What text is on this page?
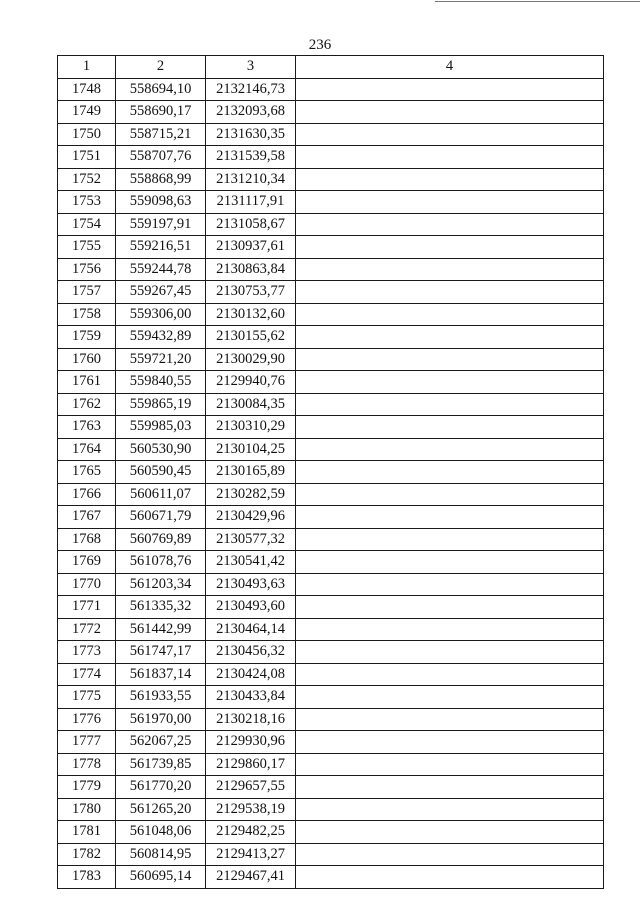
236
1	2	3	4
1748	558694,10	2132146,73	
1749	558690,17	2132093,68	
1750	558715,21	2131630,35	
1751	558707,76	2131539,58	
1752	558868,99	2131210,34	
1753	559098,63	2131117,91	
1754	559197,91	2131058,67	
1755	559216,51	2130937,61	
1756	559244,78	2130863,84	
1757	559267,45	2130753,77	
1758	559306,00	2130132,60	
1759	559432,89	2130155,62	
1760	559721,20	2130029,90	
1761	559840,55	2129940,76	
1762	559865,19	2130084,35	
1763	559985,03	2130310,29	
1764	560530,90	2130104,25	
1765	560590,45	2130165,89	
1766	560611,07	2130282,59	
1767	560671,79	2130429,96	
1768	560769,89	2130577,32	
1769	561078,76	2130541,42	
1770	561203,34	2130493,63	
1771	561335,32	2130493,60	
1772	561442,99	2130464,14	
1773	561747,17	2130456,32	
1774	561837,14	2130424,08	
1775	561933,55	2130433,84	
1776	561970,00	2130218,16	
1777	562067,25	2129930,96	
1778	561739,85	2129860,17	
1779	561770,20	2129657,55	
1780	561265,20	2129538,19	
1781	561048,06	2129482,25	
1782	560814,95	2129413,27	
1783	560695,14	2129467,41	
